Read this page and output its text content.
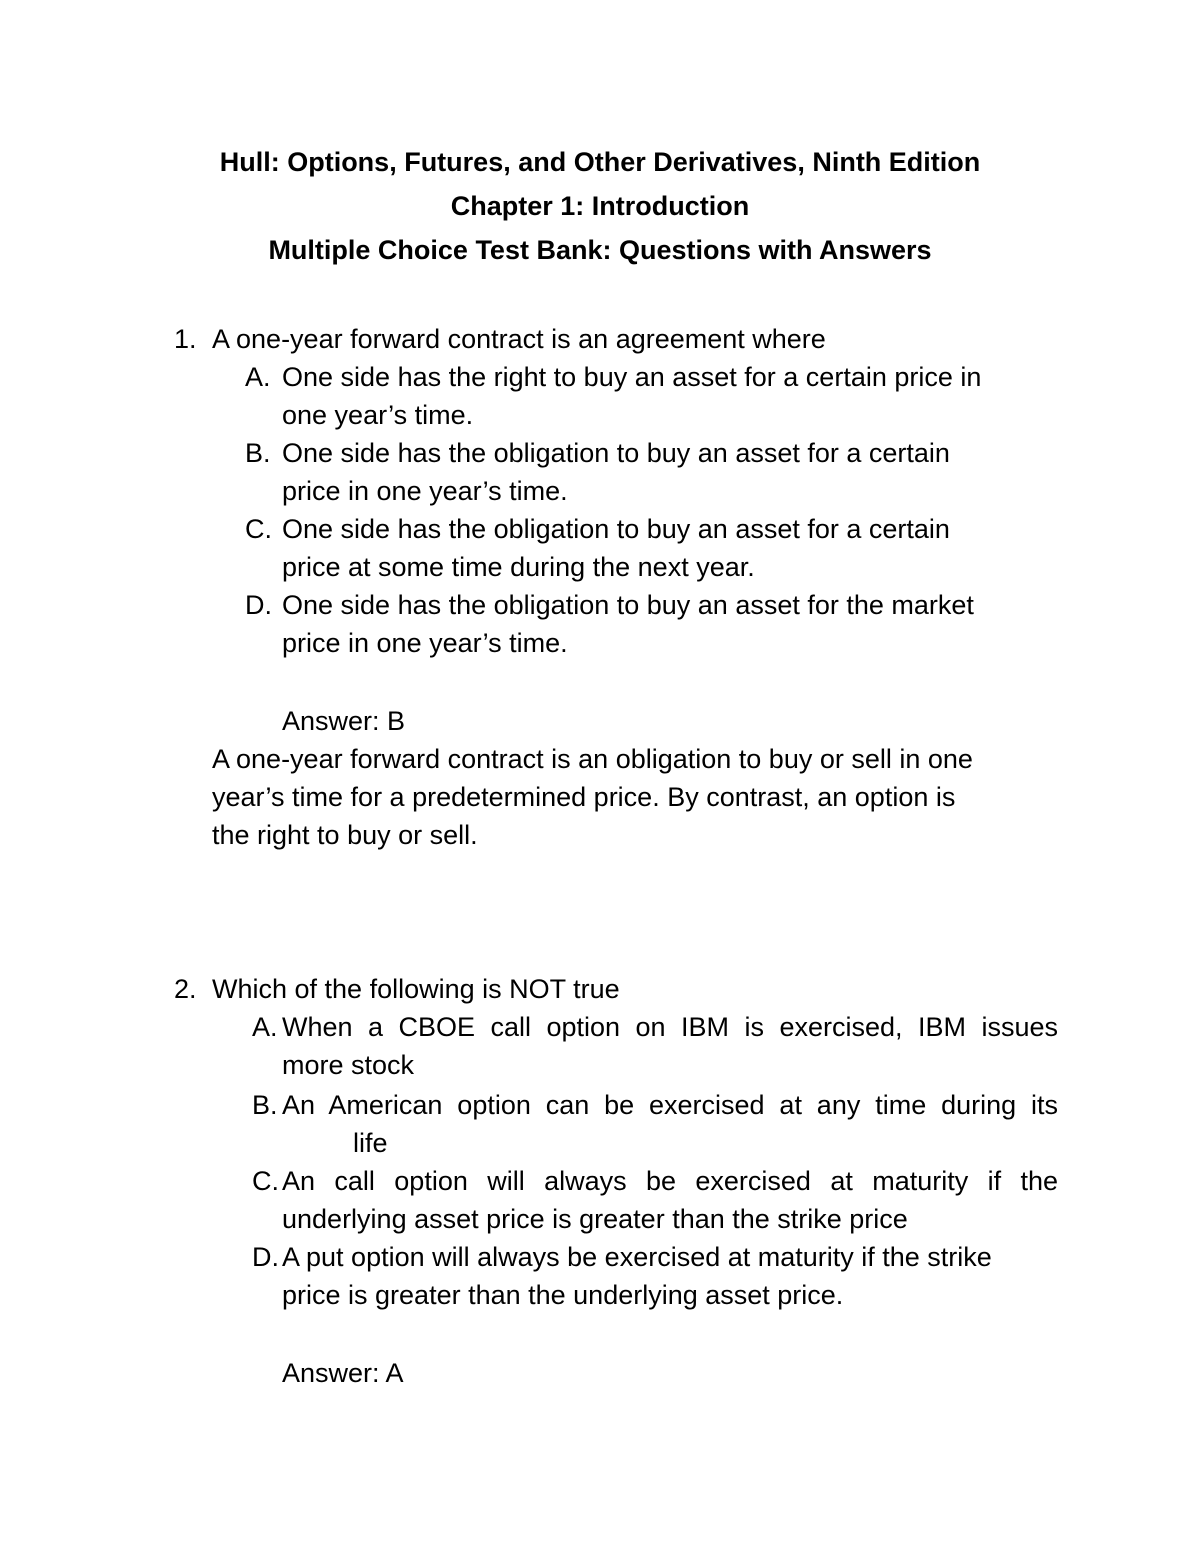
Hull: Options, Futures, and Other Derivatives, Ninth Edition
Chapter 1: Introduction
Multiple Choice Test Bank: Questions with Answers
1. A one-year forward contract is an agreement where
A. One side has the right to buy an asset for a certain price in
one year’s time.
B. One side has the obligation to buy an asset for a certain
price in one year’s time.
C. One side has the obligation to buy an asset for a certain
price at some time during the next year.
D. One side has the obligation to buy an asset for the market
price in one year’s time.
Answer: B
A one-year forward contract is an obligation to buy or sell in one
year’s time for a predetermined price. By contrast, an option is
the right to buy or sell.
2. Which of the following is NOT true
A. When a CBOE call option on IBM is exercised, IBM issues
more stock
B. An American option can be exercised at any time during its
life
C. An call option will always be exercised at maturity if the
underlying asset price is greater than the strike price
D. A put option will always be exercised at maturity if the strike
price is greater than the underlying asset price.
Answer: A
